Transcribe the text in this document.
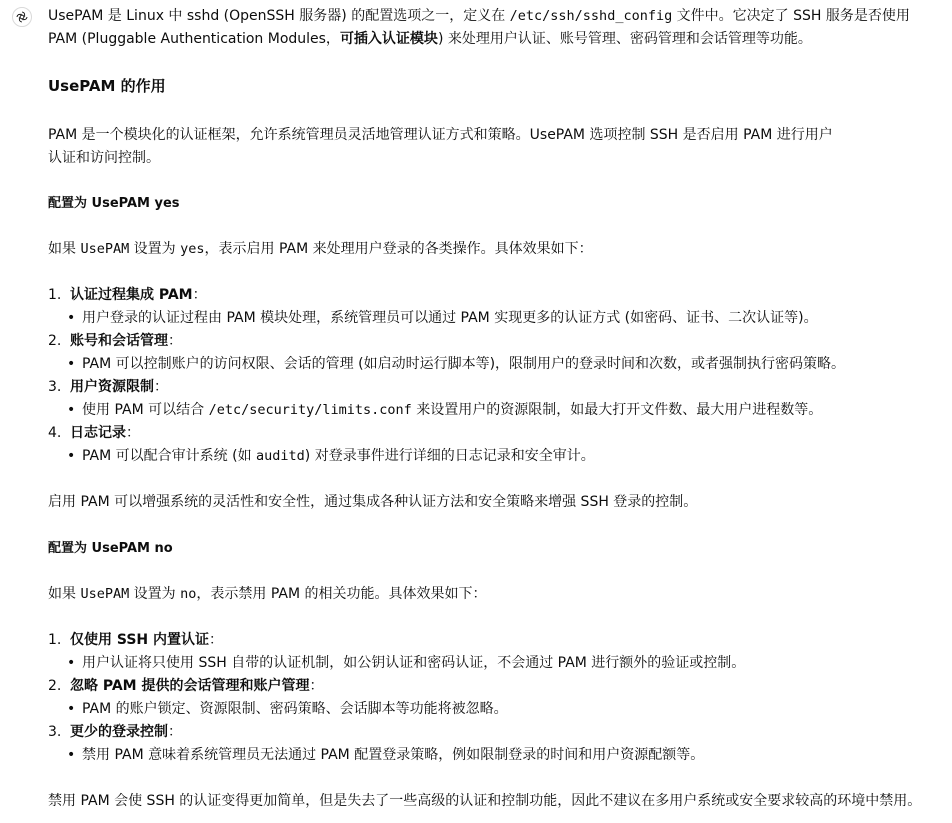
UsePAM 是 Linux 中 sshd (OpenSSH 服务器) 的配置选项之一，定义在 /etc/ssh/sshd_config 文件中。它决定了 SSH 服务是否使用
PAM (Pluggable Authentication Modules，可插入认证模块) 来处理用户认证、账号管理、密码管理和会话管理等功能。

UsePAM 的作用

PAM 是一个模块化的认证框架，允许系统管理员灵活地管理认证方式和策略。UsePAM 选项控制 SSH 是否启用 PAM 进行用户
认证和访问控制。

配置为 UsePAM yes

如果 UsePAM 设置为 yes，表示启用 PAM 来处理用户登录的各类操作。具体效果如下：

1. 认证过程集成 PAM：
• 用户登录的认证过程由 PAM 模块处理，系统管理员可以通过 PAM 实现更多的认证方式 (如密码、证书、二次认证等)。
2. 账号和会话管理：
• PAM 可以控制账户的访问权限、会话的管理 (如启动时运行脚本等)，限制用户的登录时间和次数，或者强制执行密码策略。
3. 用户资源限制：
• 使用 PAM 可以结合 /etc/security/limits.conf 来设置用户的资源限制，如最大打开文件数、最大用户进程数等。
4. 日志记录：
• PAM 可以配合审计系统 (如 auditd) 对登录事件进行详细的日志记录和安全审计。

启用 PAM 可以增强系统的灵活性和安全性，通过集成各种认证方法和安全策略来增强 SSH 登录的控制。

配置为 UsePAM no

如果 UsePAM 设置为 no，表示禁用 PAM 的相关功能。具体效果如下：

1. 仅使用 SSH 内置认证：
• 用户认证将只使用 SSH 自带的认证机制，如公钥认证和密码认证，不会通过 PAM 进行额外的验证或控制。
2. 忽略 PAM 提供的会话管理和账户管理：
• PAM 的账户锁定、资源限制、密码策略、会话脚本等功能将被忽略。
3. 更少的登录控制：
• 禁用 PAM 意味着系统管理员无法通过 PAM 配置登录策略，例如限制登录的时间和用户资源配额等。

禁用 PAM 会使 SSH 的认证变得更加简单，但是失去了一些高级的认证和控制功能，因此不建议在多用户系统或安全要求较高的环境中禁用。
